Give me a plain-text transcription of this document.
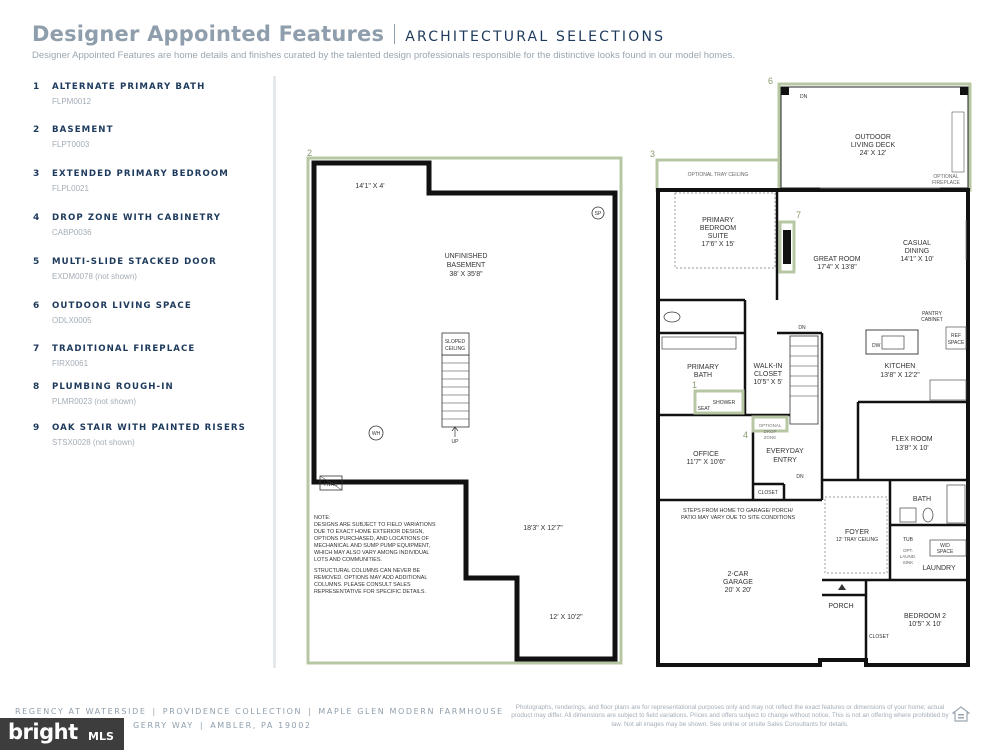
Designer Appointed Features ARCHITECTURAL SELECTIONS
Designer Appointed Features are home details and finishes curated by the talented design professionals responsible for the distinctive looks found in our model homes.
1 ALTERNATE PRIMARY BATH
FLPM0012
2 BASEMENT
FLPT0003
3 EXTENDED PRIMARY BEDROOM
FLPL0021
4 DROP ZONE WITH CABINETRY
CABP0036
5 MULTI-SLIDE STACKED DOOR
EXDM0078 (not shown)
6 OUTDOOR LIVING SPACE
ODLX0005
7 TRADITIONAL FIREPLACE
FIRX0061
8 PLUMBING ROUGH-IN
PLMR0023 (not shown)
9 OAK STAIR WITH PAINTED RISERS
STSX0028 (not shown)
2
14'1" X 4'
UNFINISHED
BASEMENT
38' X 35'8"
SP
SLOPED
CEILING
UP
WH
HVAC
18'3" X 12'7"
12' X 10'2"
NOTE:
DESIGNS ARE SUBJECT TO FIELD VARIATIONS
DUE TO EXACT HOME EXTERIOR DESIGN,
OPTIONS PURCHASED, AND LOCATIONS OF
MECHANICAL AND SUMP PUMP EQUIPMENT,
WHICH MAY ALSO VARY AMONG INDIVIDUAL
LOTS AND COMMUNITIES.
STRUCTURAL COLUMNS CAN NEVER BE
REMOVED. OPTIONS MAY ADD ADDITIONAL
COLUMNS. PLEASE CONSULT SALES
REPRESENTATIVE FOR SPECIFIC DETAILS.
6
3
DN
OUTDOOR
LIVING DECK
24' X 12'
OPTIONAL
FIREPLACE
OPTIONAL TRAY CEILING
PRIMARY
BEDROOM
SUITE
17'6" X 15'
7
GREAT ROOM
17'4" X 13'8"
CASUAL
DINING
14'1" X 10'
PANTRY
CABINET
REF
SPACE
DW
KITCHEN
13'8" X 12'2"
DN
WALK-IN
CLOSET
10'5" X 5'
PRIMARY
BATH
1
SHOWER
SEAT
4
OPTIONAL
DROP
ZONE	FLEX ROOM
13'8" X 10'
OFFICE
11'7" X 10'6"
EVERYDAY
ENTRY
DN
CLOSET
BATH
STEPS FROM HOME TO GARAGE/ PORCH/
PATIO MAY VARY DUE TO SITE CONDITIONS
2-CAR
GARAGE
20' X 20'
FOYER
12' TRAY CEILING	TUB
OPT.
LAUND.
SINK
W/D
SPACE
LAUNDRY
PORCH
BEDROOM 2
10'5" X 10'
CLOSET
REGENCY AT WATERSIDE | PROVIDENCE COLLECTION | MAPLE GLEN MODERN FARMHOUSE
GERRY WAY | AMBLER, PA 19002
Photographs, renderings, and floor plans are for representational purposes only and may not reflect the exact features or dimensions of your home; actual product may differ. All dimensions are subject to field variations. Prices and offers subject to change without notice. This is not an offering where prohibited by law. Not all images may be shown. See online or onsite Sales Consultants for details.
bright MLS
